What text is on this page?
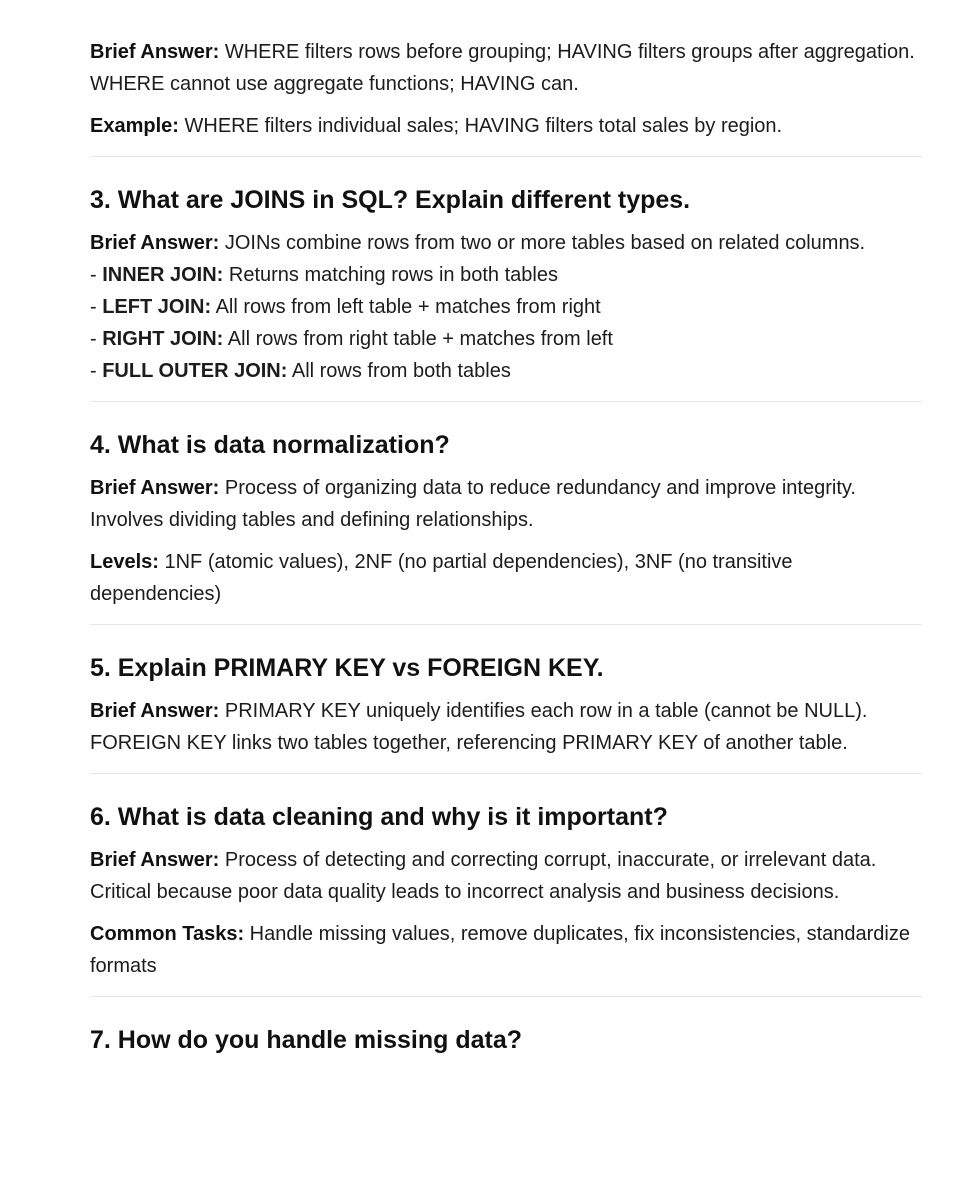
Brief Answer: WHERE filters rows before grouping; HAVING filters groups after aggregation. WHERE cannot use aggregate functions; HAVING can.

Example: WHERE filters individual sales; HAVING filters total sales by region.

3. What are JOINS in SQL? Explain different types.

Brief Answer: JOINs combine rows from two or more tables based on related columns.

- INNER JOIN: Returns matching rows in both tables

- LEFT JOIN: All rows from left table + matches from right

- RIGHT JOIN: All rows from right table + matches from left

- FULL OUTER JOIN: All rows from both tables

4. What is data normalization?

Brief Answer: Process of organizing data to reduce redundancy and improve integrity. Involves dividing tables and defining relationships.

Levels: 1NF (atomic values), 2NF (no partial dependencies), 3NF (no transitive dependencies)

5. Explain PRIMARY KEY vs FOREIGN KEY.

Brief Answer: PRIMARY KEY uniquely identifies each row in a table (cannot be NULL). FOREIGN KEY links two tables together, referencing PRIMARY KEY of another table.

6. What is data cleaning and why is it important?

Brief Answer: Process of detecting and correcting corrupt, inaccurate, or irrelevant data. Critical because poor data quality leads to incorrect analysis and business decisions.

Common Tasks: Handle missing values, remove duplicates, fix inconsistencies, standardize formats

7. How do you handle missing data?
